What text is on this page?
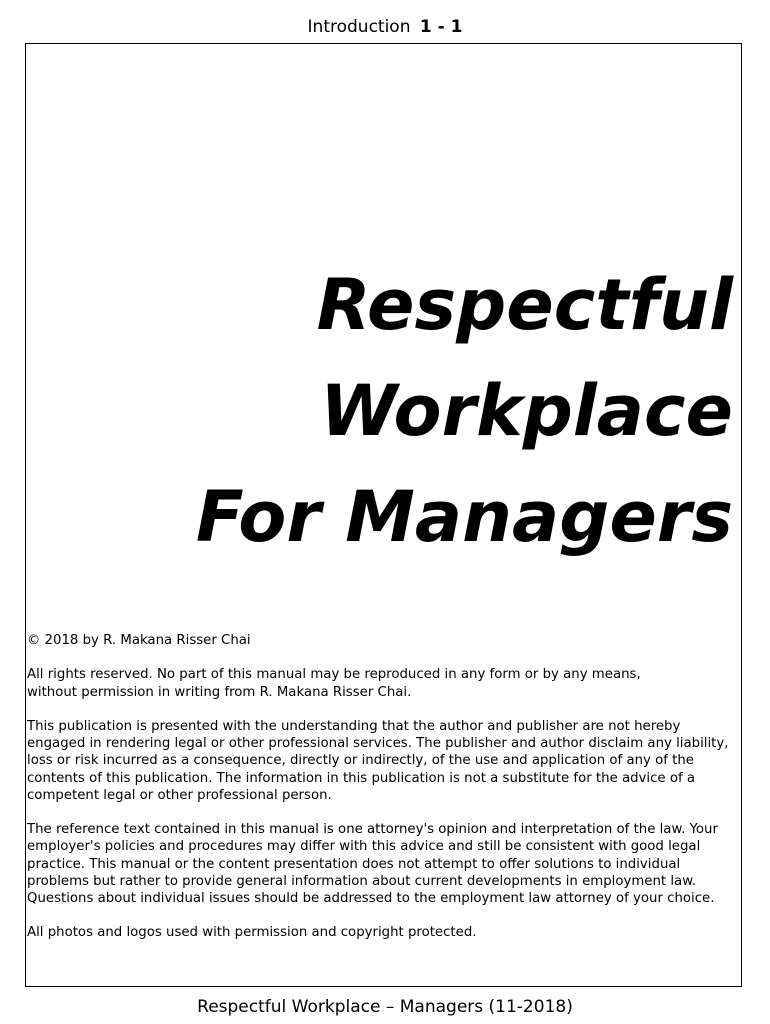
Introduction 1 - 1
Respectful
Workplace
For Managers

© 2018 by R. Makana Risser Chai

All rights reserved. No part of this manual may be reproduced in any form or by any means,
without permission in writing from R. Makana Risser Chai.

This publication is presented with the understanding that the author and publisher are not hereby
engaged in rendering legal or other professional services. The publisher and author disclaim any liability,
loss or risk incurred as a consequence, directly or indirectly, of the use and application of any of the
contents of this publication. The information in this publication is not a substitute for the advice of a
competent legal or other professional person.

The reference text contained in this manual is one attorney's opinion and interpretation of the law. Your
employer's policies and procedures may differ with this advice and still be consistent with good legal
practice. This manual or the content presentation does not attempt to offer solutions to individual
problems but rather to provide general information about current developments in employment law.
Questions about individual issues should be addressed to the employment law attorney of your choice.

All photos and logos used with permission and copyright protected.

Respectful Workplace – Managers (11-2018)
